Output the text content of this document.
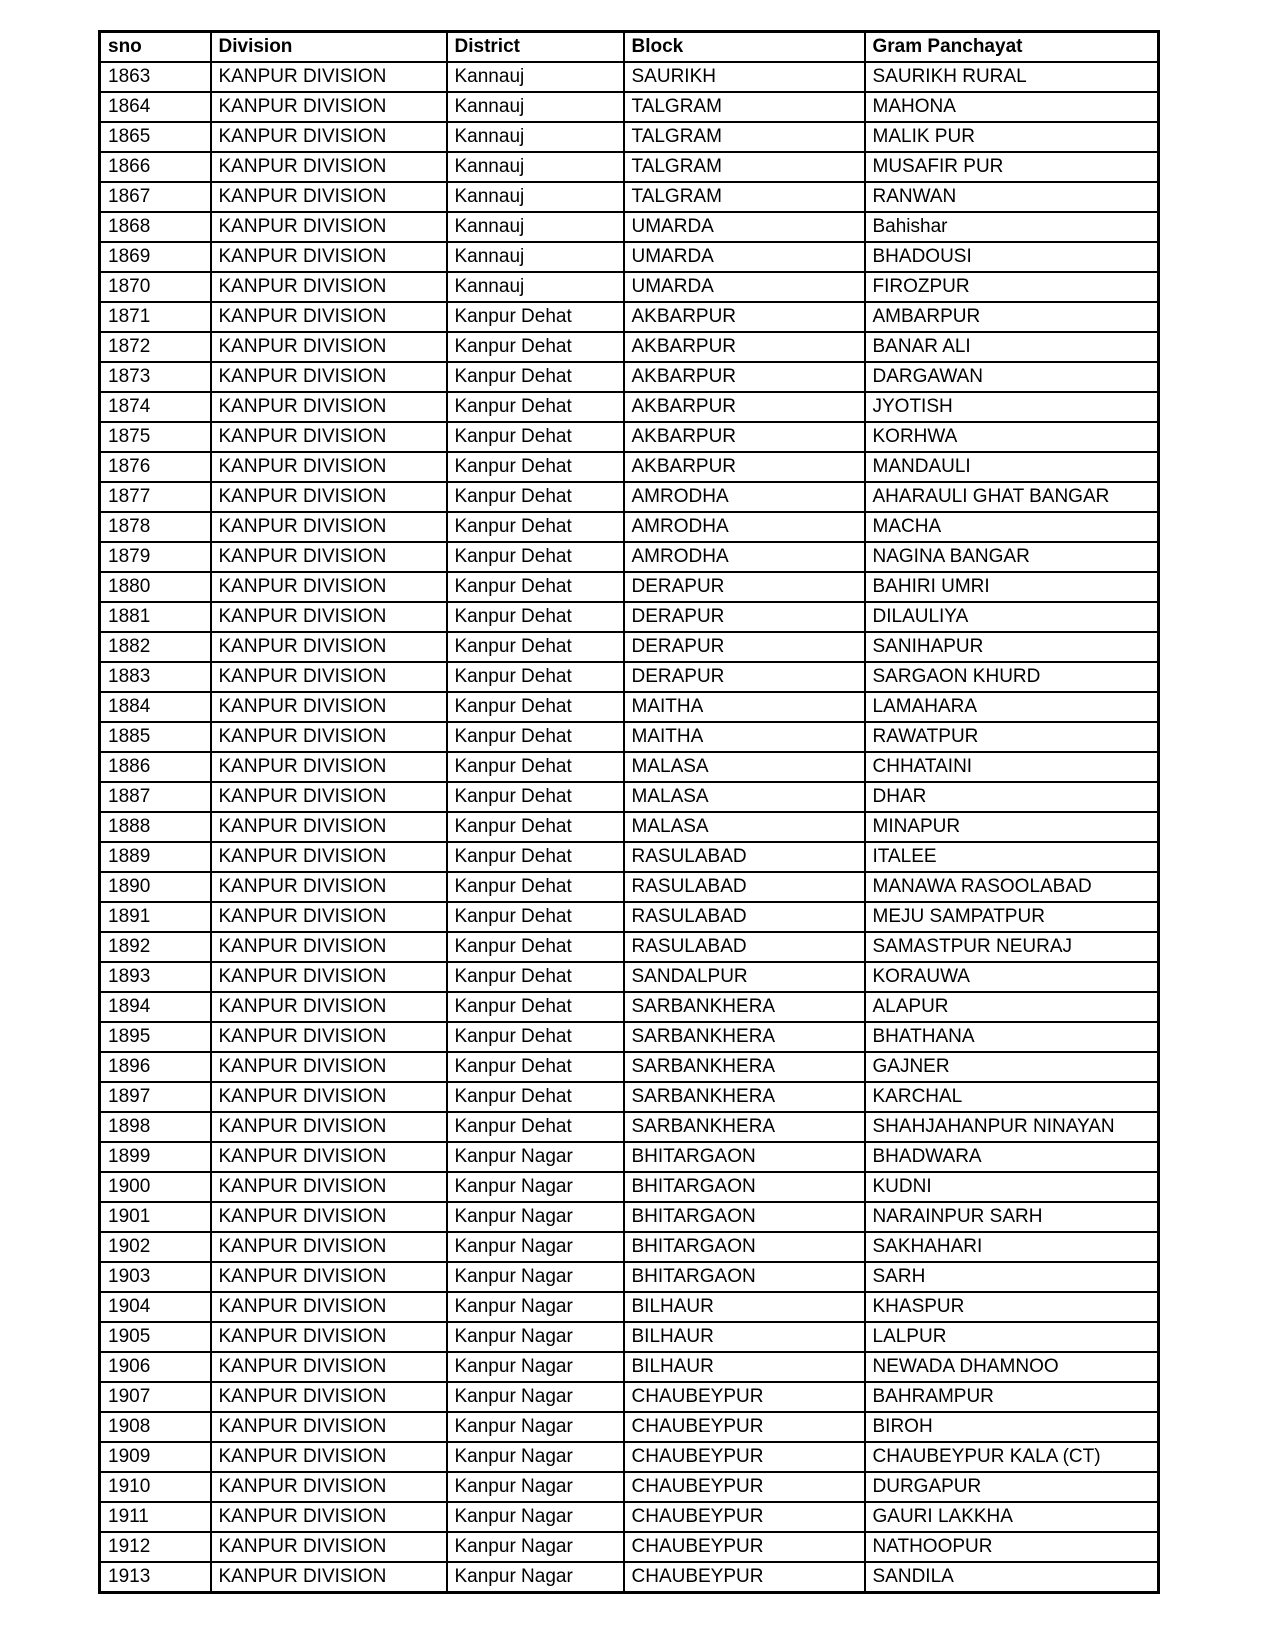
sno	Division	District	Block	Gram Panchayat
1863	KANPUR DIVISION	Kannauj	SAURIKH	SAURIKH RURAL
1864	KANPUR DIVISION	Kannauj	TALGRAM	MAHONA
1865	KANPUR DIVISION	Kannauj	TALGRAM	MALIK PUR
1866	KANPUR DIVISION	Kannauj	TALGRAM	MUSAFIR PUR
1867	KANPUR DIVISION	Kannauj	TALGRAM	RANWAN
1868	KANPUR DIVISION	Kannauj	UMARDA	Bahishar
1869	KANPUR DIVISION	Kannauj	UMARDA	BHADOUSI
1870	KANPUR DIVISION	Kannauj	UMARDA	FIROZPUR
1871	KANPUR DIVISION	Kanpur Dehat	AKBARPUR	AMBARPUR
1872	KANPUR DIVISION	Kanpur Dehat	AKBARPUR	BANAR ALI
1873	KANPUR DIVISION	Kanpur Dehat	AKBARPUR	DARGAWAN
1874	KANPUR DIVISION	Kanpur Dehat	AKBARPUR	JYOTISH
1875	KANPUR DIVISION	Kanpur Dehat	AKBARPUR	KORHWA
1876	KANPUR DIVISION	Kanpur Dehat	AKBARPUR	MANDAULI
1877	KANPUR DIVISION	Kanpur Dehat	AMRODHA	AHARAULI GHAT BANGAR
1878	KANPUR DIVISION	Kanpur Dehat	AMRODHA	MACHA
1879	KANPUR DIVISION	Kanpur Dehat	AMRODHA	NAGINA BANGAR
1880	KANPUR DIVISION	Kanpur Dehat	DERAPUR	BAHIRI UMRI
1881	KANPUR DIVISION	Kanpur Dehat	DERAPUR	DILAULIYA
1882	KANPUR DIVISION	Kanpur Dehat	DERAPUR	SANIHAPUR
1883	KANPUR DIVISION	Kanpur Dehat	DERAPUR	SARGAON KHURD
1884	KANPUR DIVISION	Kanpur Dehat	MAITHA	LAMAHARA
1885	KANPUR DIVISION	Kanpur Dehat	MAITHA	RAWATPUR
1886	KANPUR DIVISION	Kanpur Dehat	MALASA	CHHATAINI
1887	KANPUR DIVISION	Kanpur Dehat	MALASA	DHAR
1888	KANPUR DIVISION	Kanpur Dehat	MALASA	MINAPUR
1889	KANPUR DIVISION	Kanpur Dehat	RASULABAD	ITALEE
1890	KANPUR DIVISION	Kanpur Dehat	RASULABAD	MANAWA RASOOLABAD
1891	KANPUR DIVISION	Kanpur Dehat	RASULABAD	MEJU SAMPATPUR
1892	KANPUR DIVISION	Kanpur Dehat	RASULABAD	SAMASTPUR NEURAJ
1893	KANPUR DIVISION	Kanpur Dehat	SANDALPUR	KORAUWA
1894	KANPUR DIVISION	Kanpur Dehat	SARBANKHERA	ALAPUR
1895	KANPUR DIVISION	Kanpur Dehat	SARBANKHERA	BHATHANA
1896	KANPUR DIVISION	Kanpur Dehat	SARBANKHERA	GAJNER
1897	KANPUR DIVISION	Kanpur Dehat	SARBANKHERA	KARCHAL
1898	KANPUR DIVISION	Kanpur Dehat	SARBANKHERA	SHAHJAHANPUR NINAYAN
1899	KANPUR DIVISION	Kanpur Nagar	BHITARGAON	BHADWARA
1900	KANPUR DIVISION	Kanpur Nagar	BHITARGAON	KUDNI
1901	KANPUR DIVISION	Kanpur Nagar	BHITARGAON	NARAINPUR SARH
1902	KANPUR DIVISION	Kanpur Nagar	BHITARGAON	SAKHAHARI
1903	KANPUR DIVISION	Kanpur Nagar	BHITARGAON	SARH
1904	KANPUR DIVISION	Kanpur Nagar	BILHAUR	KHASPUR
1905	KANPUR DIVISION	Kanpur Nagar	BILHAUR	LALPUR
1906	KANPUR DIVISION	Kanpur Nagar	BILHAUR	NEWADA DHAMNOO
1907	KANPUR DIVISION	Kanpur Nagar	CHAUBEYPUR	BAHRAMPUR
1908	KANPUR DIVISION	Kanpur Nagar	CHAUBEYPUR	BIROH
1909	KANPUR DIVISION	Kanpur Nagar	CHAUBEYPUR	CHAUBEYPUR KALA (CT)
1910	KANPUR DIVISION	Kanpur Nagar	CHAUBEYPUR	DURGAPUR
1911	KANPUR DIVISION	Kanpur Nagar	CHAUBEYPUR	GAURI LAKKHA
1912	KANPUR DIVISION	Kanpur Nagar	CHAUBEYPUR	NATHOOPUR
1913	KANPUR DIVISION	Kanpur Nagar	CHAUBEYPUR	SANDILA
